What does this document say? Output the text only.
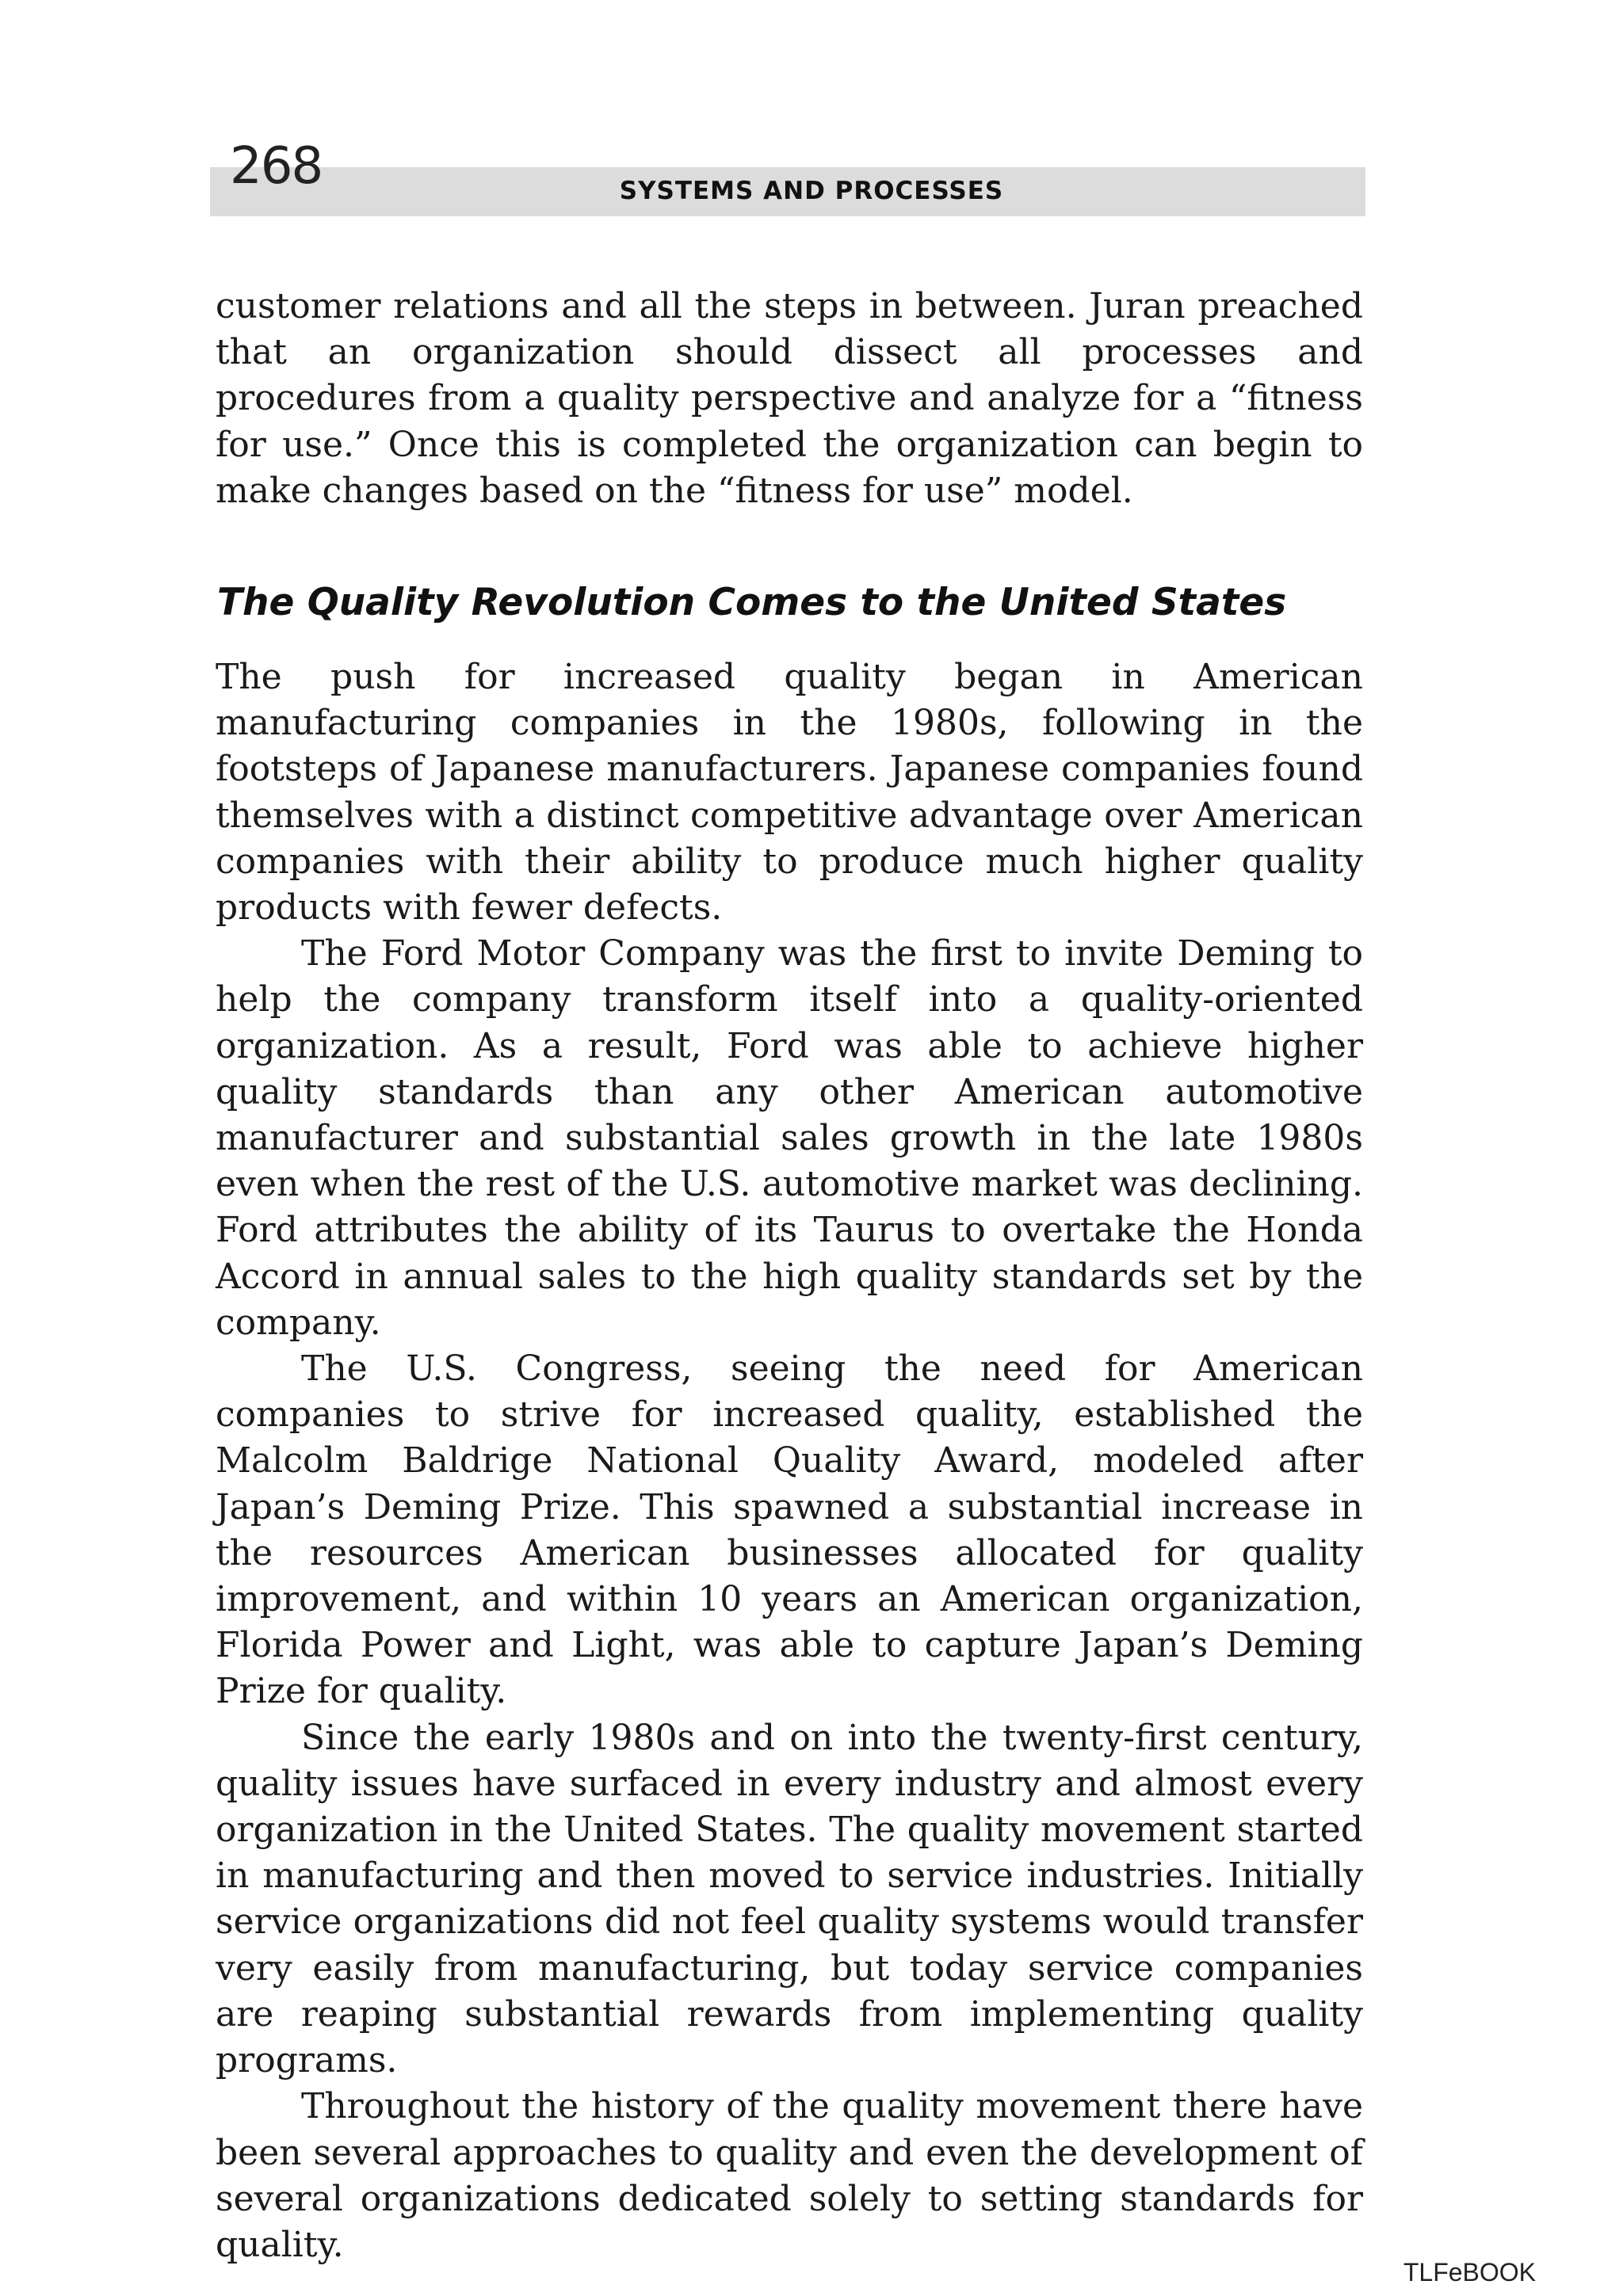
268	SYSTEMS AND PROCESSES

customer relations and all the steps in between. Juran preached that an organization should dissect all processes and procedures from a quality perspective and analyze for a “fitness for use.” Once this is completed the organization can begin to make changes based on the “fitness for use” model.

The Quality Revolution Comes to the United States

The push for increased quality began in American manufacturing companies in the 1980s, following in the footsteps of Japanese manufacturers. Japanese companies found themselves with a distinct competitive advantage over American companies with their ability to produce much higher quality products with fewer defects.

The Ford Motor Company was the first to invite Deming to help the company transform itself into a quality-oriented organization. As a result, Ford was able to achieve higher quality standards than any other American automotive manufacturer and substantial sales growth in the late 1980s even when the rest of the U.S. automotive market was declining. Ford attributes the ability of its Taurus to overtake the Honda Accord in annual sales to the high quality standards set by the company.

The U.S. Congress, seeing the need for American companies to strive for increased quality, established the Malcolm Baldrige National Quality Award, modeled after Japan’s Deming Prize. This spawned a substantial increase in the resources American businesses allocated for quality improvement, and within 10 years an American organization, Florida Power and Light, was able to capture Japan’s Deming Prize for quality.

Since the early 1980s and on into the twenty-first century, quality issues have surfaced in every industry and almost every organization in the United States. The quality movement started in manufacturing and then moved to service industries. Initially service organizations did not feel quality systems would transfer very easily from manufacturing, but today service companies are reaping substantial rewards from implementing quality programs.

Throughout the history of the quality movement there have been several approaches to quality and even the development of several organizations dedicated solely to setting standards for quality.

TLFeBOOK
